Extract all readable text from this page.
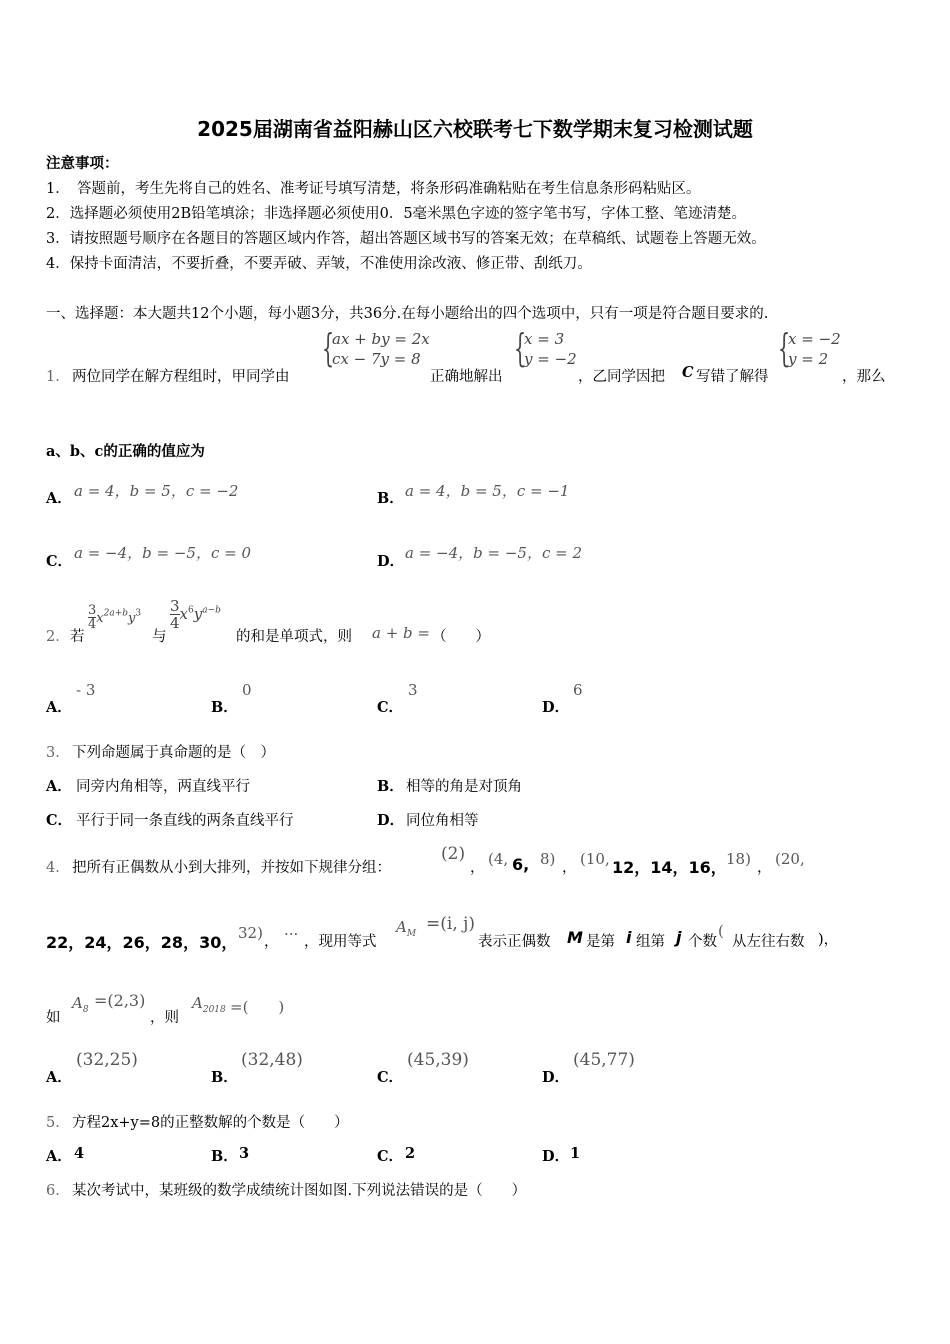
2025届湖南省益阳赫山区六校联考七下数学期末复习检测试题
注意事项：
1．　答题前，考生先将自己的姓名、准考证号填写清楚，将条形码准确粘贴在考生信息条形码粘贴区。
2．选择题必须使用2B铅笔填涂；非选择题必须使用0．5毫米黑色字迹的签字笔书写，字体工整、笔迹清楚。
3．请按照题号顺序在各题目的答题区域内作答，超出答题区域书写的答案无效；在草稿纸、试题卷上答题无效。
4．保持卡面清洁，不要折叠，不要弄破、弄皱，不准使用涂改液、修正带、刮纸刀。
一、选择题：本大题共12个小题，每小题3分，共36分.在每小题给出的四个选项中，只有一项是符合题目要求的.
1． 两位同学在解方程组时，甲同学由
{
ax + by = 2x
cx − 7y = 8
正确地解出
{
x = 3
y = −2
，乙同学因把 C 写错了解得
{
x = −2
y = 2
，那么
a、b、c的正确的值应为
A． a = 4，b = 5，c = −2	B． a = 4，b = 5，c = −1
C． a = −4，b = −5，c = 0	D． a = −4，b = −5，c = 2
2． 若
$\frac{3}{4} x^{2a+b}y^3$
与
$\frac{3}{4} x^6y^{a-b}$
的和是单项式，则 a + b = （　　）
A．
- 3
B．
0
C．
3
D．
6
3． 下列命题属于真命题的是（　）
A． 同旁内角相等，两直线平行	B． 相等的角是对顶角
C． 平行于同一条直线的两条直线平行	D． 同位角相等
4． 把所有正偶数从小到大排列，并按如下规律分组：
(2)
， (4, 6, 8) ， (10, 12，14，16， 18) ， (20,
22，24，26，28，30， 32) ， ··· ，现用等式
$A_M =(i$, j)
表示正偶数 M 是第 i 组第 j 个数
(
从左往右数 )，
如
$A_8 =(2,3)$
，则
$A_{2018}$ =(　　)
A．
(32,25)
B．
(32,48)
C．
(45,39)
D．
(45,77)
5． 方程2x+y=8的正整数解的个数是（　　）
A． 4	B． 3	C． 2	D． 1
6． 某次考试中，某班级的数学成绩统计图如图.下列说法错误的是（　　）
